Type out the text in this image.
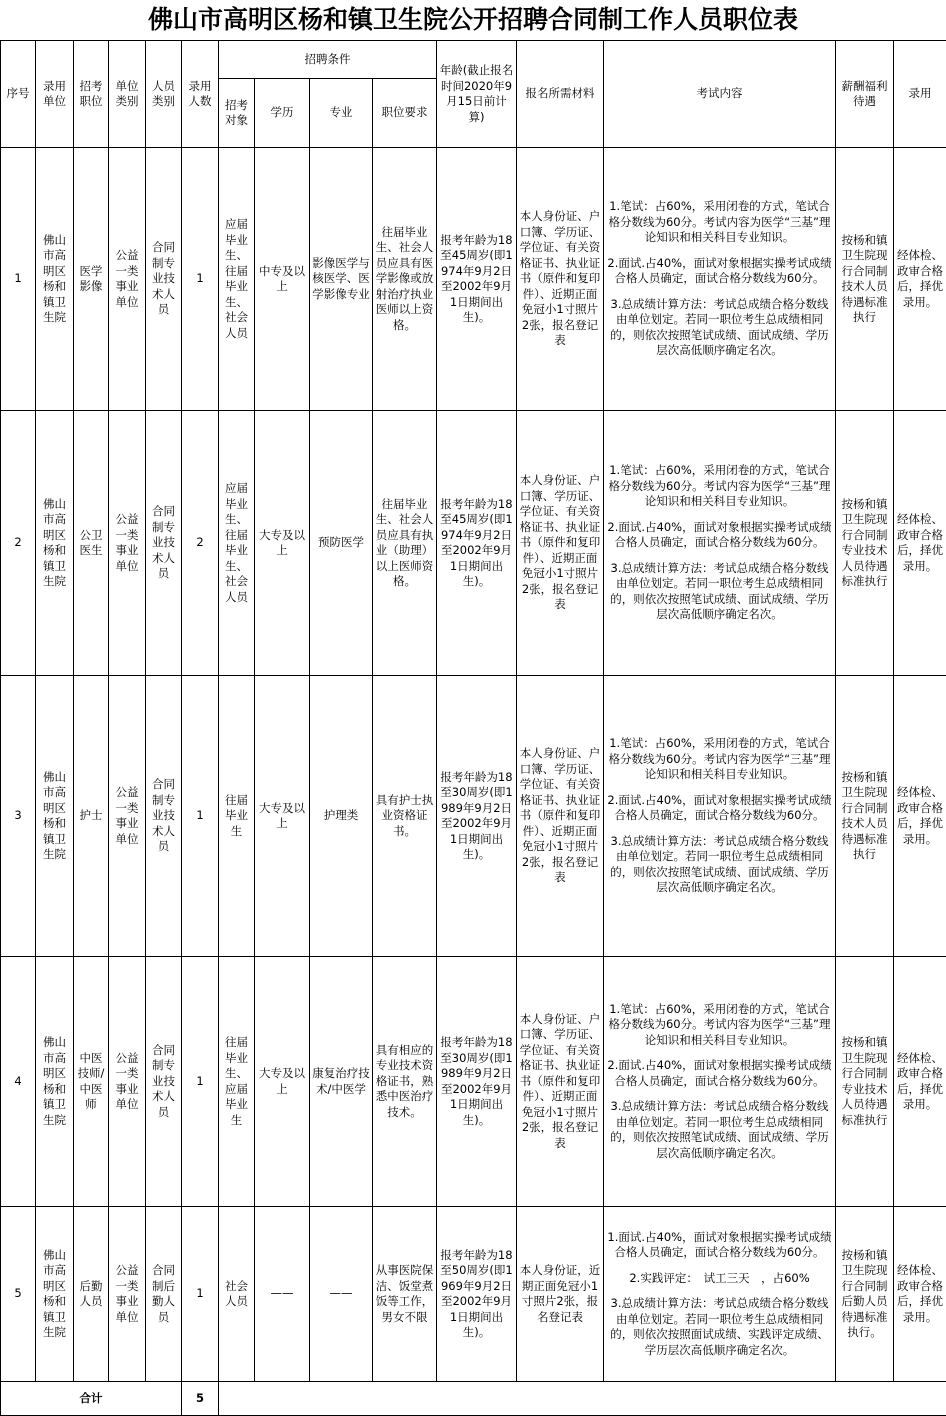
佛山市高明区杨和镇卫生院公开招聘合同制工作人员职位表
序号	录用单位	招考职位	单位类别	人员类别	录用人数	招聘条件				年龄(截止报名时间2020年9月15日前计算)	报名所需材料	考试内容	薪酬福利待遇	录用
						招考对象	学历	专业	职位要求					
1	佛山市高明区杨和镇卫生院	医学影像	公益一类事业单位	合同制专业技术人员	1	应届毕业生、往届毕业生、社会人员	中专及以上	影像医学与核医学、医学影像专业	往届毕业生、社会人员应具有医学影像或放射治疗执业医师以上资格。	报考年龄为18至45周岁(即1974年9月2日至2002年9月1日期间出生)。	本人身份证、户口簿、学历证、学位证、有关资格证书、执业证书（原件和复印件）、近期正面免冠小1寸照片2张，报名登记表	1.笔试：占60%，采用闭卷的方式，笔试合格分数线为60分。考试内容为医学“三基”理论知识和相关科目专业知识。

2.面试.占40%，面试对象根据实操考试成绩合格人员确定，面试合格分数线为60分。

3.总成绩计算方法：考试总成绩合格分数线由单位划定。若同一职位考生总成绩相同的，则依次按照笔试成绩、面试成绩、学历层次高低顺序确定名次。	按杨和镇卫生院现行合同制技术人员待遇标准执行	经体检、政审合格后，择优录用。
2	佛山市高明区杨和镇卫生院	公卫医生	公益一类事业单位	合同制专业技术人员	2	应届毕业生、往届毕业生、社会人员	大专及以上	预防医学	往届毕业生、社会人员应具有执业（助理）以上医师资格。	报考年龄为18至45周岁(即1974年9月2日至2002年9月1日期间出生)。	本人身份证、户口簿、学历证、学位证、有关资格证书、执业证书（原件和复印件）、近期正面免冠小1寸照片2张，报名登记表	1.笔试：占60%，采用闭卷的方式，笔试合格分数线为60分。考试内容为医学“三基”理论知识和相关科目专业知识。

2.面试.占40%，面试对象根据实操考试成绩合格人员确定，面试合格分数线为60分。

3.总成绩计算方法：考试总成绩合格分数线由单位划定。若同一职位考生总成绩相同的，则依次按照笔试成绩、面试成绩、学历层次高低顺序确定名次。	按杨和镇卫生院现行合同制专业技术人员待遇标准执行	经体检、政审合格后，择优录用。
3	佛山市高明区杨和镇卫生院	护士	公益一类事业单位	合同制专业技术人员	1	往届毕业生	大专及以上	护理类	具有护士执业资格证书。	报考年龄为18至30周岁(即1989年9月2日至2002年9月1日期间出生)。	本人身份证、户口簿、学历证、学位证、有关资格证书、执业证书（原件和复印件）、近期正面免冠小1寸照片2张，报名登记表	1.笔试：占60%，采用闭卷的方式，笔试合格分数线为60分。考试内容为医学“三基”理论知识和相关科目专业知识。

2.面试.占40%，面试对象根据实操考试成绩合格人员确定，面试合格分数线为60分。

3.总成绩计算方法：考试总成绩合格分数线由单位划定。若同一职位考生总成绩相同的，则依次按照笔试成绩、面试成绩、学历层次高低顺序确定名次。	按杨和镇卫生院现行合同制技术人员待遇标准执行	经体检、政审合格后，择优录用。
4	佛山市高明区杨和镇卫生院	中医技师/中医师	公益一类事业单位	合同制专业技术人员	1	往届毕业生、应届毕业生	大专及以上	康复治疗技术/中医学	具有相应的专业技术资格证书，熟悉中医治疗技术。	报考年龄为18至30周岁(即1989年9月2日至2002年9月1日期间出生)。	本人身份证、户口簿、学历证、学位证、有关资格证书、执业证书（原件和复印件）、近期正面免冠小1寸照片2张，报名登记表	1.笔试：占60%，采用闭卷的方式，笔试合格分数线为60分。考试内容为医学“三基”理论知识和相关科目专业知识。

2.面试.占40%，面试对象根据实操考试成绩合格人员确定，面试合格分数线为60分。

3.总成绩计算方法：考试总成绩合格分数线由单位划定。若同一职位考生总成绩相同的，则依次按照笔试成绩、面试成绩、学历层次高低顺序确定名次。	按杨和镇卫生院现行合同制专业技术人员待遇标准执行	经体检、政审合格后，择优录用。
5	佛山市高明区杨和镇卫生院	后勤人员	公益一类事业单位	合同制后勤人员	1	社会人员	——	——	从事医院保洁、饭堂煮饭等工作，男女不限	报考年龄为18至50周岁(即1969年9月2日至2002年9月1日期间出生)。	本人身份证，近期正面免冠小1寸照片2张，报名登记表	1.面试.占40%，面试对象根据实操考试成绩合格人员确定，面试合格分数线为60分。

2.实践评定：　试工三天　，占60%

3.总成绩计算方法：考试总成绩合格分数线由单位划定。若同一职位考生总成绩相同的，则依次按照面试成绩、实践评定成绩、学历层次高低顺序确定名次。	按杨和镇卫生院现行合同制后勤人员待遇标准执行。	经体检、政审合格后，择优录用。
合计					5									
